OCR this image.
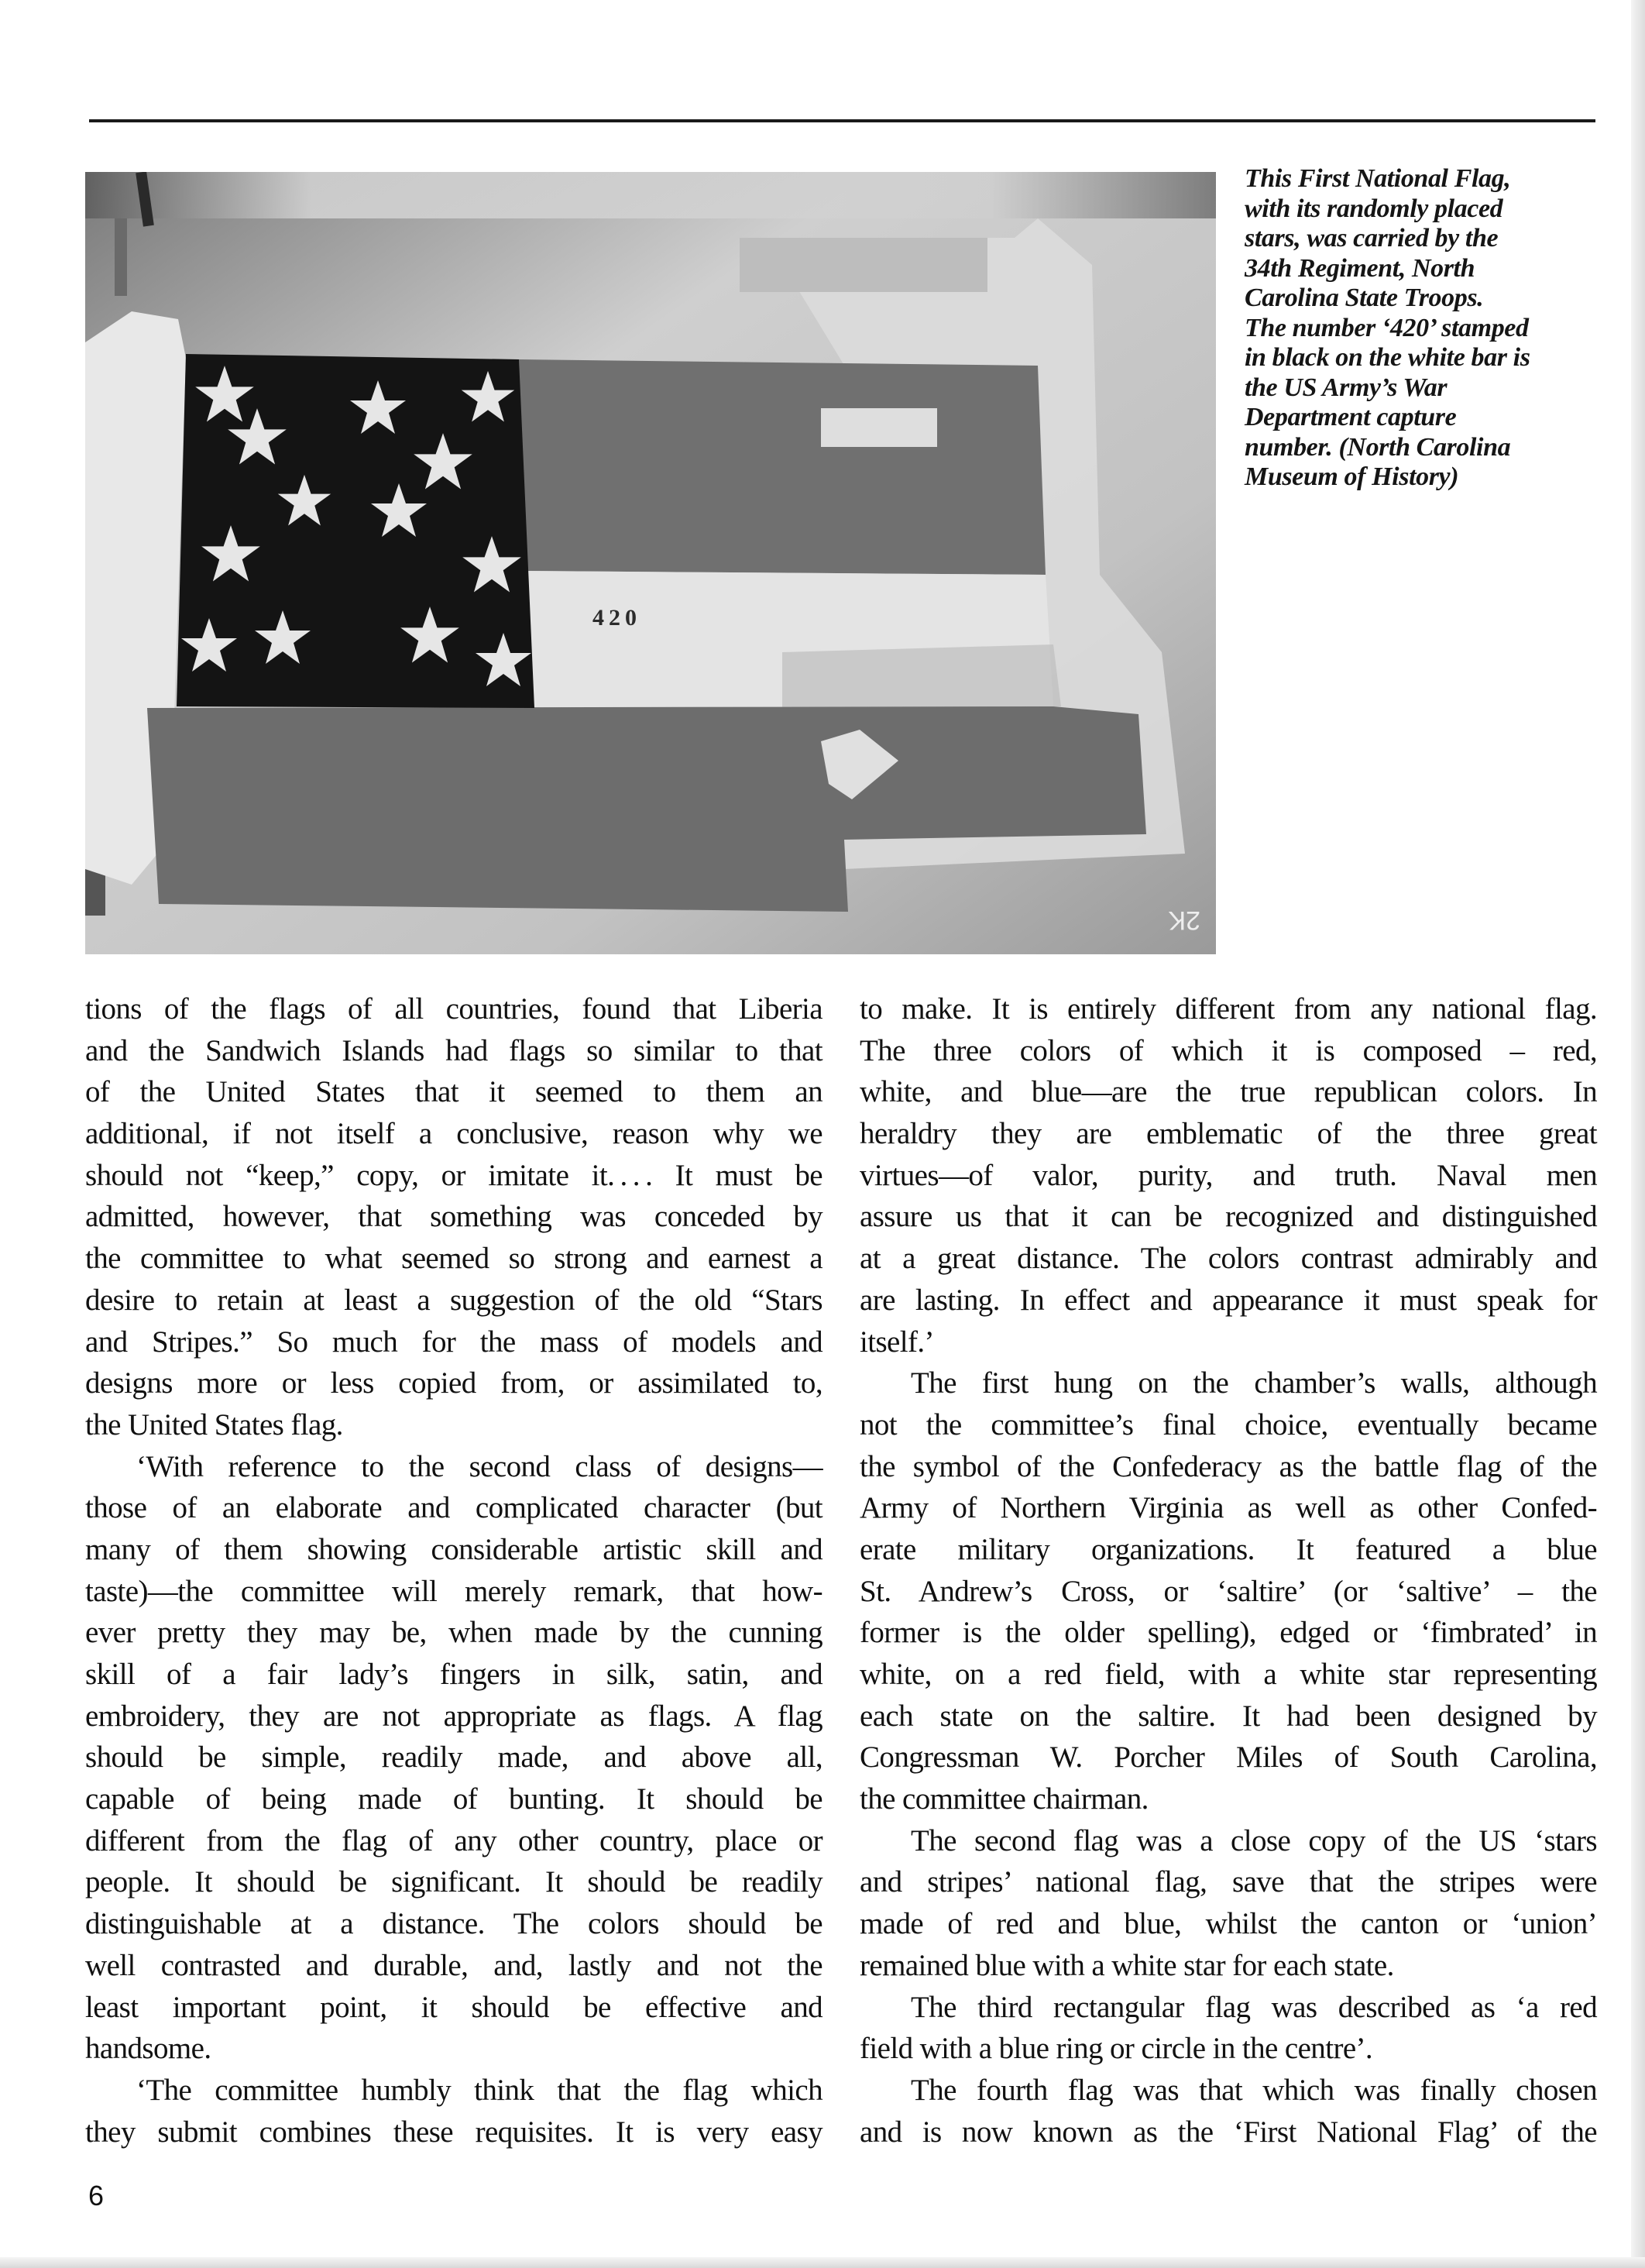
420
2K
This First National Flag,
with its randomly placed
stars, was carried by the
34th Regiment, North
Carolina State Troops.
The number ‘420’ stamped
in black on the white bar is
the US Army’s War
Department capture
number. (North Carolina
Museum of History)
tions of the flags of all countries, found that Liberia
and the Sandwich Islands had flags so similar to that
of the United States that it seemed to them an
additional, if not itself a conclusive, reason why we
should not “keep,” copy, or imitate it. . . . It must be
admitted, however, that something was conceded by
the committee to what seemed so strong and earnest a
desire to retain at least a suggestion of the old “Stars
and Stripes.” So much for the mass of models and
designs more or less copied from, or assimilated to,
the United States flag.
‘With reference to the second class of designs—
those of an elaborate and complicated character (but
many of them showing considerable artistic skill and
taste)—the committee will merely remark, that how-
ever pretty they may be, when made by the cunning
skill of a fair lady’s fingers in silk, satin, and
embroidery, they are not appropriate as flags. A flag
should be simple, readily made, and above all,
capable of being made of bunting. It should be
different from the flag of any other country, place or
people. It should be significant. It should be readily
distinguishable at a distance. The colors should be
well contrasted and durable, and, lastly and not the
least important point, it should be effective and
handsome.
‘The committee humbly think that the flag which
they submit combines these requisites. It is very easy
to make. It is entirely different from any national flag.
The three colors of which it is composed – red,
white, and blue—are the true republican colors. In
heraldry they are emblematic of the three great
virtues—of valor, purity, and truth. Naval men
assure us that it can be recognized and distinguished
at a great distance. The colors contrast admirably and
are lasting. In effect and appearance it must speak for
itself.’
The first hung on the chamber’s walls, although
not the committee’s final choice, eventually became
the symbol of the Confederacy as the battle flag of the
Army of Northern Virginia as well as other Confed-
erate military organizations. It featured a blue
St. Andrew’s Cross, or ‘saltire’ (or ‘saltive’ – the
former is the older spelling), edged or ‘fimbrated’ in
white, on a red field, with a white star representing
each state on the saltire. It had been designed by
Congressman W. Porcher Miles of South Carolina,
the committee chairman.
The second flag was a close copy of the US ‘stars
and stripes’ national flag, save that the stripes were
made of red and blue, whilst the canton or ‘union’
remained blue with a white star for each state.
The third rectangular flag was described as ‘a red
field with a blue ring or circle in the centre’.
The fourth flag was that which was finally chosen
and is now known as the ‘First National Flag’ of the
6
